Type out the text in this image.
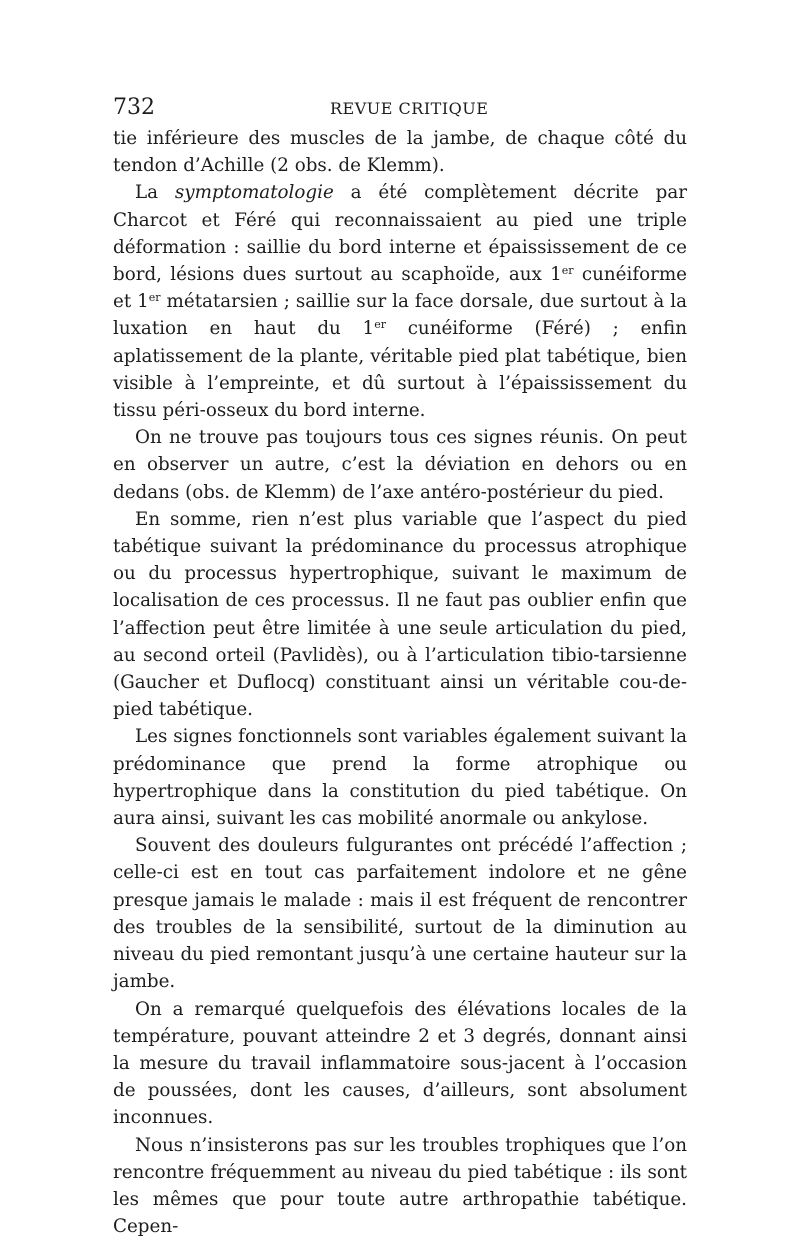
732	REVUE CRITIQUE

tie inférieure des muscles de la jambe, de chaque côté du tendon d’Achille (2 obs. de Klemm).

La symptomatologie a été complètement décrite par Charcot et Féré qui reconnaissaient au pied une triple déformation : saillie du bord interne et épaississement de ce bord, lésions dues surtout au scaphoïde, aux 1er cunéiforme et 1er métatarsien ; saillie sur la face dorsale, due surtout à la luxation en haut du 1er cunéiforme (Féré) ; enfin aplatissement de la plante, véritable pied plat tabétique, bien visible à l’empreinte, et dû surtout à l’épaississement du tissu péri-osseux du bord interne.

On ne trouve pas toujours tous ces signes réunis. On peut en observer un autre, c’est la déviation en dehors ou en dedans (obs. de Klemm) de l’axe antéro-postérieur du pied.

En somme, rien n’est plus variable que l’aspect du pied tabétique suivant la prédominance du processus atrophique ou du processus hypertrophique, suivant le maximum de localisation de ces processus. Il ne faut pas oublier enfin que l’affection peut être limitée à une seule articulation du pied, au second orteil (Pavlidès), ou à l’articulation tibio-tarsienne (Gaucher et Duflocq) constituant ainsi un véritable cou-de-pied tabétique.

Les signes fonctionnels sont variables également suivant la prédominance que prend la forme atrophique ou hypertrophique dans la constitution du pied tabétique. On aura ainsi, suivant les cas mobilité anormale ou ankylose.

Souvent des douleurs fulgurantes ont précédé l’affection ; celle-ci est en tout cas parfaitement indolore et ne gêne presque jamais le malade : mais il est fréquent de rencontrer des troubles de la sensibilité, surtout de la diminution au niveau du pied remontant jusqu’à une certaine hauteur sur la jambe.

On a remarqué quelquefois des élévations locales de la température, pouvant atteindre 2 et 3 degrés, donnant ainsi la mesure du travail inflammatoire sous-jacent à l’occasion de poussées, dont les causes, d’ailleurs, sont absolument inconnues.

Nous n’insisterons pas sur les troubles trophiques que l’on rencontre fréquemment au niveau du pied tabétique : ils sont les mêmes que pour toute autre arthropathie tabétique. Cepen-
